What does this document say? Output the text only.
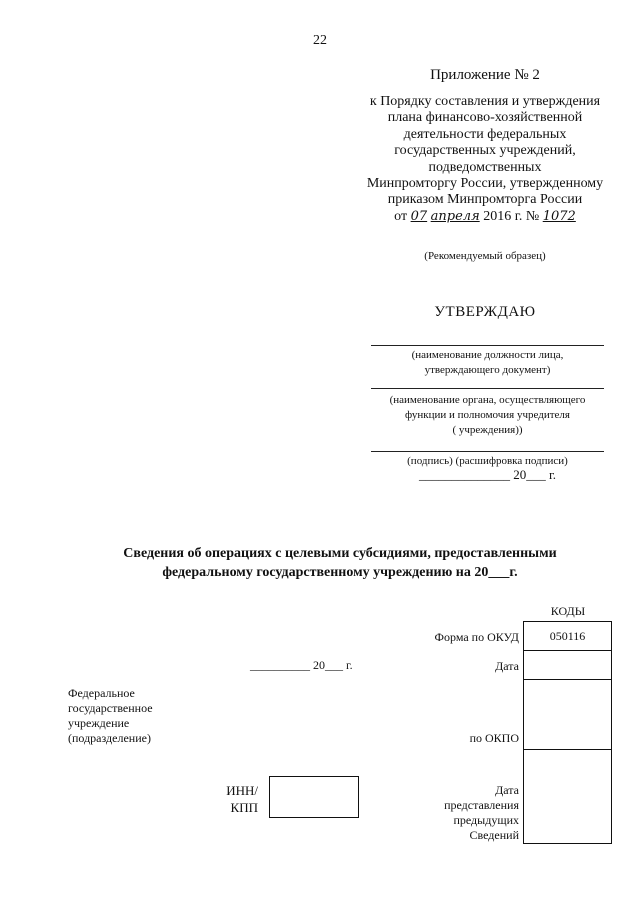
22
Приложение № 2
к Порядку составления и утверждения
плана финансово-хозяйственной
деятельности федеральных
государственных учреждений,
подведомственных
Минпромторгу России, утвержденному
приказом Минпромторга России
от 07 апреля 2016 г. № 1072
(Рекомендуемый образец)
УТВЕРЖДАЮ
(наименование должности лица,
утверждающего документ)
(наименование органа, осуществляющего
функции и полномочия учредителя
( учреждения))
(подпись) (расшифровка подписи)
______________ 20___ г.
Сведения об операциях с целевыми субсидиями, предоставленными
федеральному государственному учреждению на 20___г.
КОДЫ
050116
Форма по ОКУД
Дата
по ОКПО
Дата
представления
предыдущих
Сведений
__________ 20___ г.
Федеральное
государственное
учреждение
(подразделение)
ИНН/
КПП
